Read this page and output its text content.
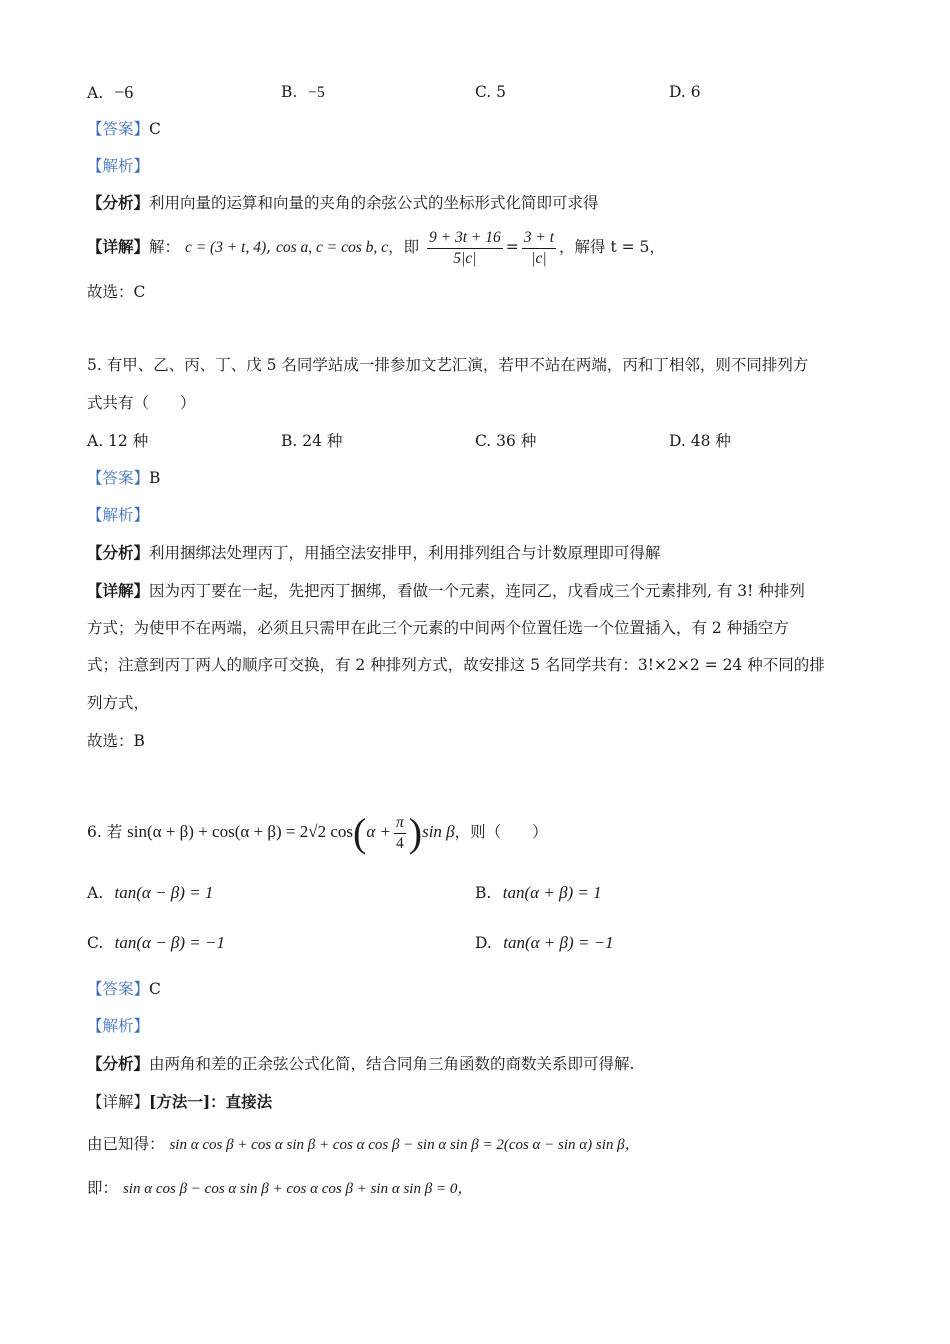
A. −6	B. −5	C. 5	D. 6
【答案】C
【解析】
【分析】利用向量的运算和向量的夹角的余弦公式的坐标形式化简即可求得
【详解】解： c = (3 + t, 4), cos a, c = cos b, c，即 $\frac{9 + 3t + 16}{5|c|} = \frac{3 + t}{|c|}$ ，解得 t = 5，
故选：C
5. 有甲、乙、丙、丁、戊 5 名同学站成一排参加文艺汇演，若甲不站在两端，丙和丁相邻，则不同排列方
式共有（　　）
A. 12 种	B. 24 种	C. 36 种	D. 48 种
【答案】B
【解析】
【分析】利用捆绑法处理丙丁，用插空法安排甲，利用排列组合与计数原理即可得解
【详解】因为丙丁要在一起，先把丙丁捆绑，看做一个元素，连同乙，戊看成三个元素排列, 有 3! 种排列
方式；为使甲不在两端，必须且只需甲在此三个元素的中间两个位置任选一个位置插入，有 2 种插空方
式；注意到丙丁两人的顺序可交换，有 2 种排列方式，故安排这 5 名同学共有：3!×2×2 = 24 种不同的排
列方式，
故选：B
6. 若 sin(α + β) + cos(α + β) = 2√2 $\cos(\alpha + \frac{\pi}{4} )\sin$ β，则（　　）
A. tan(α − β) = 1	B. tan(α + β) = 1
C. tan(α − β) = −1	D. tan(α + β) = −1
【答案】C
【解析】
【分析】由两角和差的正余弦公式化简，结合同角三角函数的商数关系即可得解.
【详解】[方法一]：直接法
由已知得： sin α cos β + cos α sin β + cos α cos β − sin α sin β = 2(cos α − sin α) sin β，
即： sin α cos β − cos α sin β + cos α cos β + sin α sin β = 0，
